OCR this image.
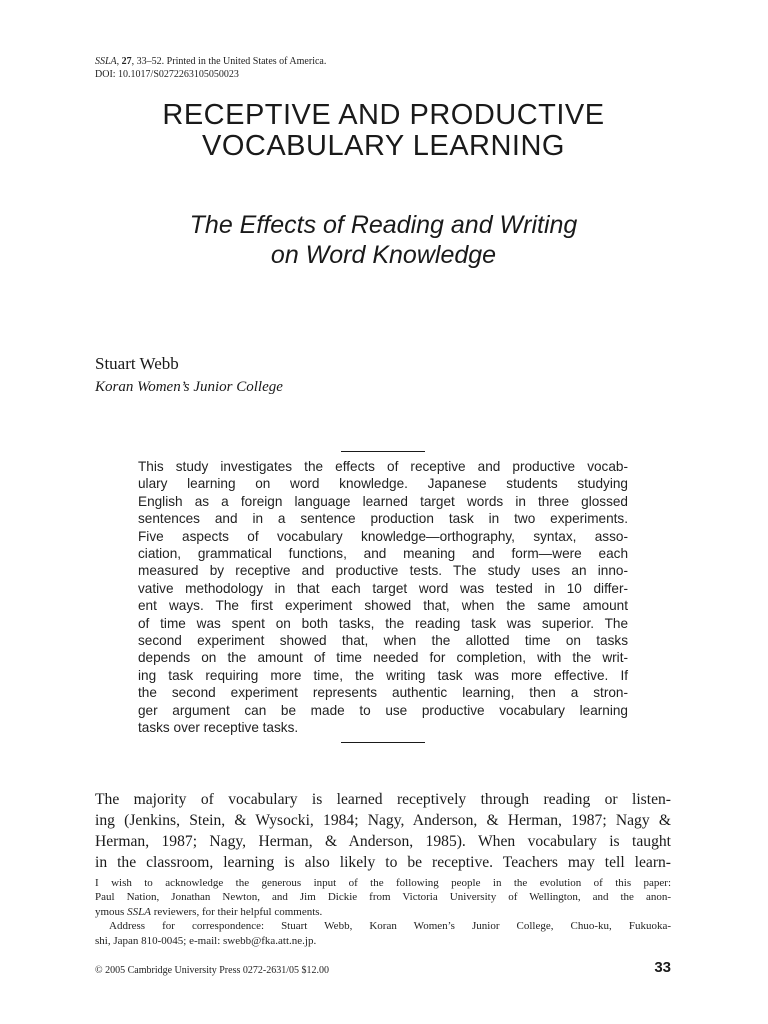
SSLA, 27, 33–52. Printed in the United States of America.
DOI: 10.1017/S0272263105050023
RECEPTIVE AND PRODUCTIVE
VOCABULARY LEARNING
The Effects of Reading and Writing
on Word Knowledge
Stuart Webb
Koran Women’s Junior College
This study investigates the effects of receptive and productive vocab-
ulary learning on word knowledge. Japanese students studying
English as a foreign language learned target words in three glossed
sentences and in a sentence production task in two experiments.
Five aspects of vocabulary knowledge—orthography, syntax, asso-
ciation, grammatical functions, and meaning and form—were each
measured by receptive and productive tests. The study uses an inno-
vative methodology in that each target word was tested in 10 differ-
ent ways. The first experiment showed that, when the same amount
of time was spent on both tasks, the reading task was superior. The
second experiment showed that, when the allotted time on tasks
depends on the amount of time needed for completion, with the writ-
ing task requiring more time, the writing task was more effective. If
the second experiment represents authentic learning, then a stron-
ger argument can be made to use productive vocabulary learning
tasks over receptive tasks.
The majority of vocabulary is learned receptively through reading or listen-
ing (Jenkins, Stein, & Wysocki, 1984; Nagy, Anderson, & Herman, 1987; Nagy &
Herman, 1987; Nagy, Herman, & Anderson, 1985). When vocabulary is taught
in the classroom, learning is also likely to be receptive. Teachers may tell learn-
I wish to acknowledge the generous input of the following people in the evolution of this paper:
Paul Nation, Jonathan Newton, and Jim Dickie from Victoria University of Wellington, and the anon-
ymous SSLA reviewers, for their helpful comments.
Address for correspondence: Stuart Webb, Koran Women’s Junior College, Chuo-ku, Fukuoka-
shi, Japan 810-0045; e-mail: swebb@fka.att.ne.jp.
© 2005 Cambridge University Press 0272-2631/05 $12.00	33
